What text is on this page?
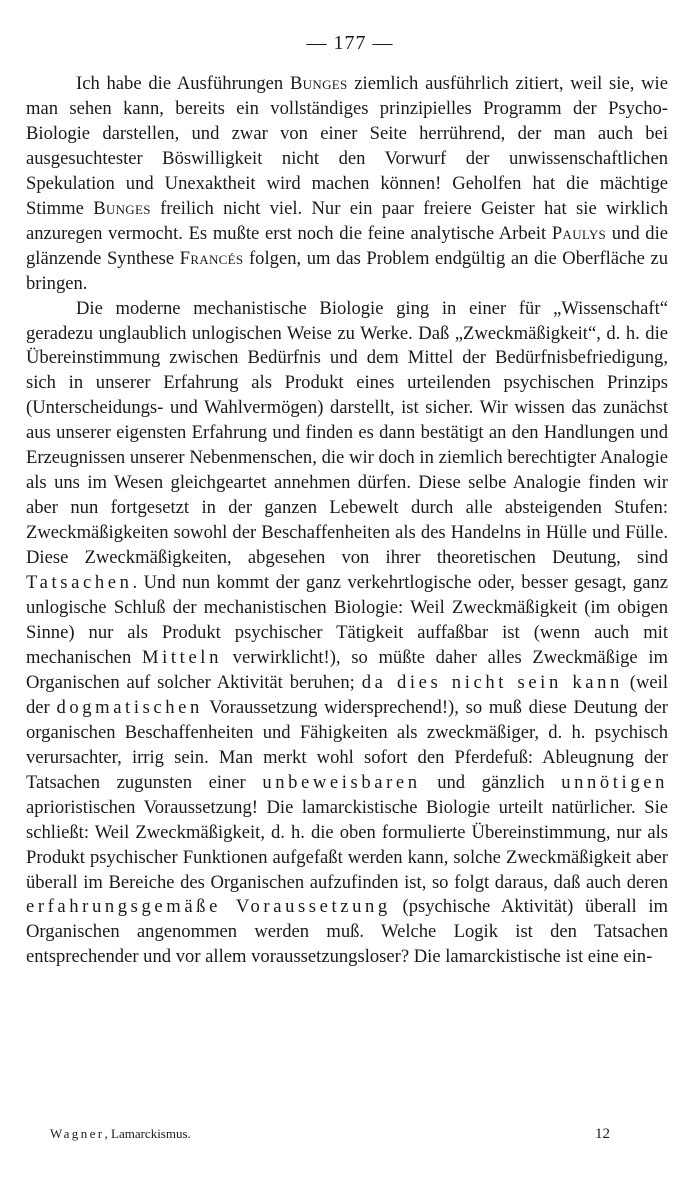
— 177 —

Ich habe die Ausführungen Bunges ziemlich ausführlich zitiert, weil sie, wie man sehen kann, bereits ein vollständiges prinzipielles Programm der Psycho-Biologie darstellen, und zwar von einer Seite herrührend, der man auch bei ausgesuchtester Böswilligkeit nicht den Vorwurf der unwissenschaftlichen Spekulation und Unexaktheit wird machen können! Geholfen hat die mächtige Stimme Bunges freilich nicht viel. Nur ein paar freiere Geister hat sie wirklich anzuregen vermocht. Es mußte erst noch die feine analytische Arbeit Paulys und die glänzende Synthese Francés folgen, um das Problem endgültig an die Oberfläche zu bringen.

Die moderne mechanistische Biologie ging in einer für „Wissenschaft“ geradezu unglaublich unlogischen Weise zu Werke. Daß „Zweckmäßigkeit“, d. h. die Übereinstimmung zwischen Bedürfnis und dem Mittel der Bedürfnisbefriedigung, sich in unserer Erfahrung als Produkt eines urteilenden psychischen Prinzips (Unterscheidungs- und Wahlvermögen) darstellt, ist sicher. Wir wissen das zunächst aus unserer eigensten Erfahrung und finden es dann bestätigt an den Handlungen und Erzeugnissen unserer Nebenmenschen, die wir doch in ziemlich berechtigter Analogie als uns im Wesen gleichgeartet annehmen dürfen. Diese selbe Analogie finden wir aber nun fortgesetzt in der ganzen Lebewelt durch alle absteigenden Stufen: Zweckmäßigkeiten sowohl der Beschaffenheiten als des Handelns in Hülle und Fülle. Diese Zweckmäßigkeiten, abgesehen von ihrer theoretischen Deutung, sind Tatsachen. Und nun kommt der ganz verkehrtlogische oder, besser gesagt, ganz unlogische Schluß der mechanistischen Biologie: Weil Zweckmäßigkeit (im obigen Sinne) nur als Produkt psychischer Tätigkeit auffaßbar ist (wenn auch mit mechanischen Mitteln verwirklicht!), so müßte daher alles Zweckmäßige im Organischen auf solcher Aktivität beruhen; da dies nicht sein kann (weil der dogmatischen Voraussetzung widersprechend!), so muß diese Deutung der organischen Beschaffenheiten und Fähigkeiten als zweckmäßiger, d. h. psychisch verursachter, irrig sein. Man merkt wohl sofort den Pferdefuß: Ableugnung der Tatsachen zugunsten einer unbeweisbaren und gänzlich unnötigen aprioristischen Voraussetzung! Die lamarckistische Biologie urteilt natürlicher. Sie schließt: Weil Zweckmäßigkeit, d. h. die oben formulierte Übereinstimmung, nur als Produkt psychischer Funktionen aufgefaßt werden kann, solche Zweckmäßigkeit aber überall im Bereiche des Organischen aufzufinden ist, so folgt daraus, daß auch deren erfahrungsgemäße Voraussetzung (psychische Aktivität) überall im Organischen angenommen werden muß. Welche Logik ist den Tatsachen entsprechender und vor allem voraussetzungsloser? Die lamarckistische ist eine ein-

Wagner, Lamarckismus.	12
